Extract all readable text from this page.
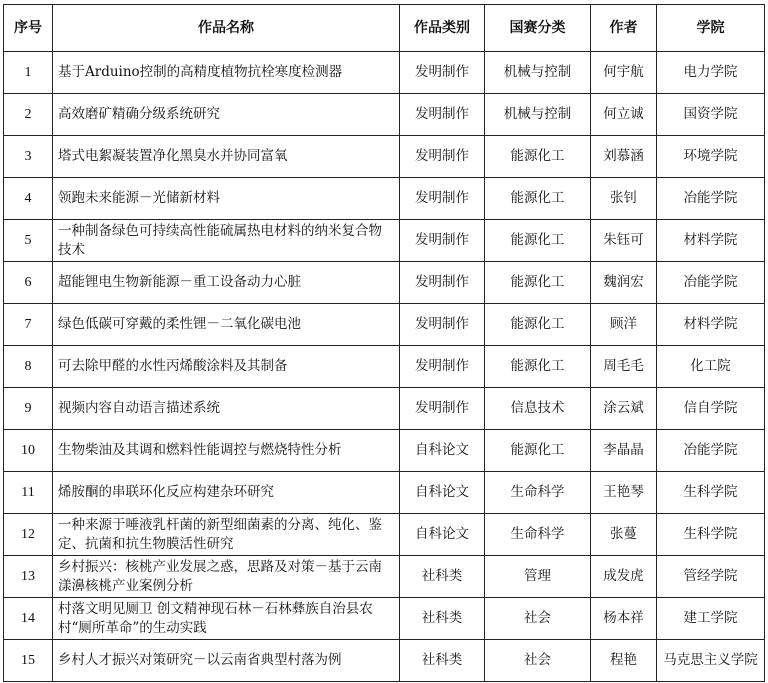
序号	作品名称	作品类别	国赛分类	作者	学院
1	基于Arduino控制的高精度植物抗栓寒度检测器	发明制作	机械与控制	何宇航	电力学院
2	高效磨矿精确分级系统研究	发明制作	机械与控制	何立诚	国资学院
3	塔式电絮凝装置净化黑臭水并协同富氧	发明制作	能源化工	刘慕涵	环境学院
4	领跑未来能源－光储新材料	发明制作	能源化工	张钊	冶能学院
5	一种制备绿色可持续高性能硫属热电材料的纳米复合物技术	发明制作	能源化工	朱钰可	材料学院
6	超能锂电生物新能源－重工设备动力心脏	发明制作	能源化工	魏润宏	冶能学院
7	绿色低碳可穿戴的柔性锂－二氧化碳电池	发明制作	能源化工	顾洋	材料学院
8	可去除甲醛的水性丙烯酸涂料及其制备	发明制作	能源化工	周毛毛	化工院
9	视频内容自动语言描述系统	发明制作	信息技术	涂云斌	信自学院
10	生物柴油及其调和燃料性能调控与燃烧特性分析	自科论文	能源化工	李晶晶	冶能学院
11	烯胺酮的串联环化反应构建杂环研究	自科论文	生命科学	王艳琴	生科学院
12	一种来源于唾液乳杆菌的新型细菌素的分离、纯化、鉴定、抗菌和抗生物膜活性研究	自科论文	生命科学	张蔓	生科学院
13	乡村振兴：核桃产业发展之惑，思路及对策－基于云南漾濞核桃产业案例分析	社科类	管理	成发虎	管经学院
14	村落文明见厕卫 创文精神现石林－石林彝族自治县农村“厕所革命”的生动实践	社科类	社会	杨本祥	建工学院
15	乡村人才振兴对策研究－以云南省典型村落为例	社科类	社会	程艳	马克思主义学院
